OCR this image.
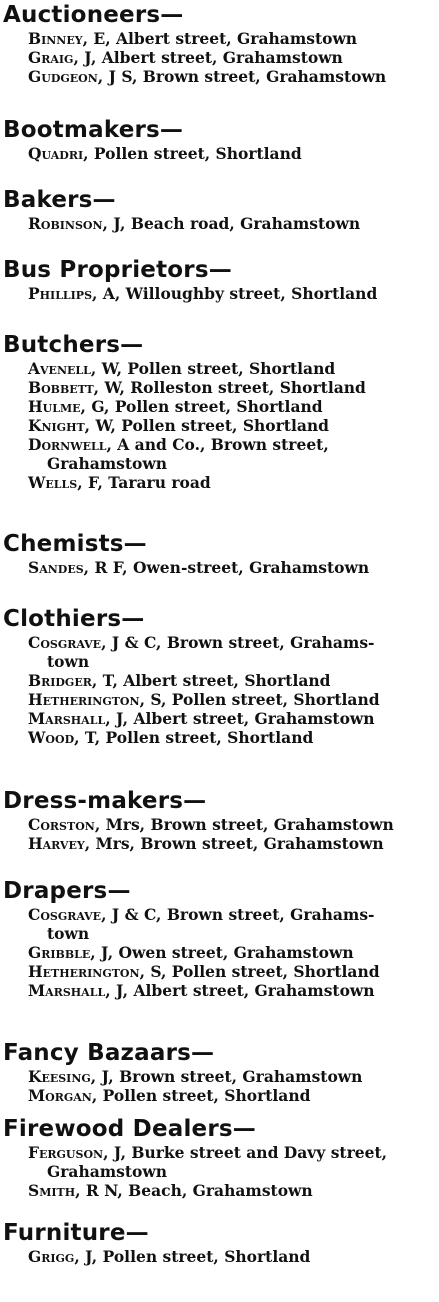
Auctioneers—
Binney, E, Albert street, Grahamstown
Graig, J, Albert street, Grahamstown
Gudgeon, J S, Brown street, Grahamstown
Bootmakers—
Quadri, Pollen street, Shortland
Bakers—
Robinson, J, Beach road, Grahamstown
Bus Proprietors—
Phillips, A, Willoughby street, Shortland
Butchers—
Avenell, W, Pollen street, Shortland
Bobbett, W, Rolleston street, Shortland
Hulme, G, Pollen street, Shortland
Knight, W, Pollen street, Shortland
Dornwell, A and Co., Brown street,
Grahamstown
Wells, F, Tararu road
Chemists—
Sandes, R F, Owen-street, Grahamstown
Clothiers—
Cosgrave, J & C, Brown street, Grahams-
town
Bridger, T, Albert street, Shortland
Hetherington, S, Pollen street, Shortland
Marshall, J, Albert street, Grahamstown
Wood, T, Pollen street, Shortland
Dress-makers—
Corston, Mrs, Brown street, Grahamstown
Harvey, Mrs, Brown street, Grahamstown
Drapers—
Cosgrave, J & C, Brown street, Grahams-
town
Gribble, J, Owen street, Grahamstown
Hetherington, S, Pollen street, Shortland
Marshall, J, Albert street, Grahamstown
Fancy Bazaars—
Keesing, J, Brown street, Grahamstown
Morgan, Pollen street, Shortland
Firewood Dealers—
Ferguson, J, Burke street and Davy street,
Grahamstown
Smith, R N, Beach, Grahamstown
Furniture—
Grigg, J, Pollen street, Shortland
